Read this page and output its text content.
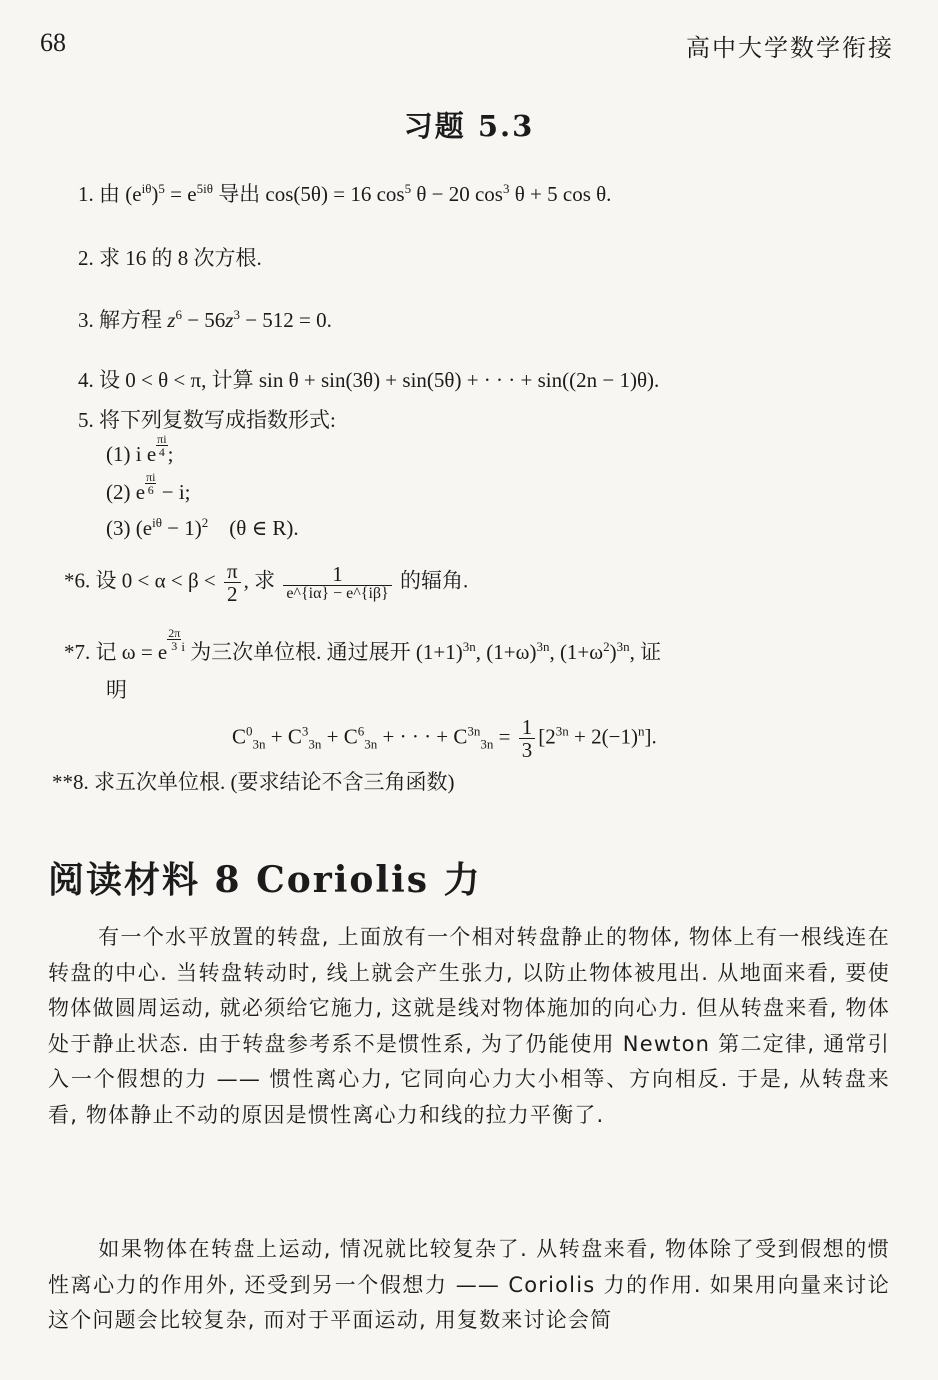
68	高中大学数学衔接
习题 5.3
1. 由 $(e^{i\theta})^5 = e^{5i\theta}$ 导出 cos(5θ) = 16 $\cos^5 \theta - 20$ $\cos^3 \theta + 5$ cos θ.
2. 求 16 的 8 次方根.
3. 解方程 $z^6 - 56z^3 - 512 = 0$.
4. 设 0 < θ < π, 计算 sin θ + sin(3θ) + sin(5θ) + · · · + sin((2n − 1)θ).
5. 将下列复数写成指数形式:
(1) i e $\frac{\pi i}{4}$ ;
(2) e $\frac{\pi i}{6} - i$;
(3) $(e^{i\theta} - 1)^2$    (θ ∈ R).
*6. 设 $0 < \alpha < \beta < \frac{\pi}{2}$ , 求 $\frac{1}{e\^{}\{i\alpha\} - e\^{}\{i\beta\}}$ 的辐角.
*7. 记 ω = e $\frac{2\pi}{3} ^i$ 为三次单位根. 通过展开 $(1+1)^{3n}$, $(1+\omega)^{3n}$, $(1+\omega^2)^{3n}$, 证
明
$C^0_{3n} + C^3_{3n} + C^6_{3n}$ + · · · + $C^{3n}_{3n} = \frac{1}{3} [2^{3n} + 2(-1)^n]$.
**8. 求五次单位根. (要求结论不含三角函数)
阅读材料 8 Coriolis 力
有一个水平放置的转盘, 上面放有一个相对转盘静止的物体, 物体上有一根线连在转盘的中心. 当转盘转动时, 线上就会产生张力, 以防止物体被甩出. 从地面来看, 要使物体做圆周运动, 就必须给它施力, 这就是线对物体施加的向心力. 但从转盘来看, 物体处于静止状态. 由于转盘参考系不是惯性系, 为了仍能使用 Newton 第二定律, 通常引入一个假想的力 —— 惯性离心力, 它同向心力大小相等、方向相反. 于是, 从转盘来看, 物体静止不动的原因是惯性离心力和线的拉力平衡了.
如果物体在转盘上运动, 情况就比较复杂了. 从转盘来看, 物体除了受到假想的惯性离心力的作用外, 还受到另一个假想力 —— Coriolis 力的作用. 如果用向量来讨论这个问题会比较复杂, 而对于平面运动, 用复数来讨论会简
